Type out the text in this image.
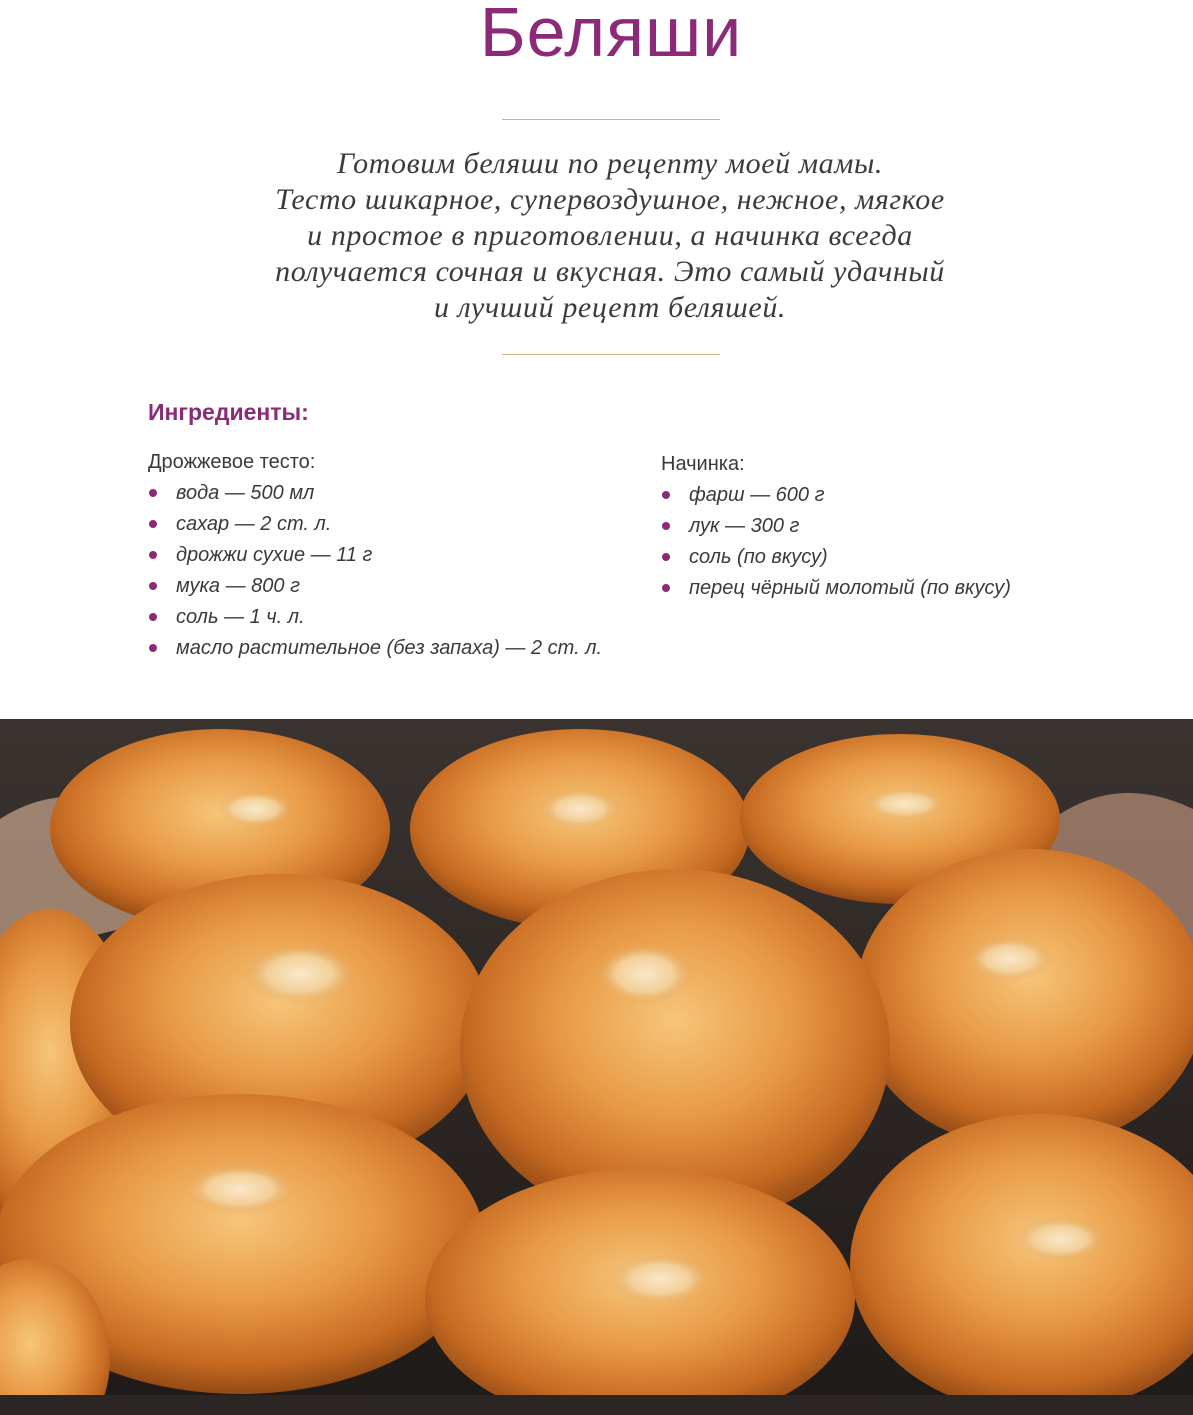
Беляши
Готовим беляши по рецепту моей мамы.
Тесто шикарное, супервоздушное, нежное, мягкое
и простое в приготовлении, а начинка всегда
получается сочная и вкусная. Это самый удачный
и лучший рецепт беляшей.
Ингредиенты:
Дрожжевое тесто:
вода — 500 мл
сахар — 2 ст. л.
дрожжи сухие — 11 г
мука — 800 г
соль — 1 ч. л.
масло растительное (без запаха) — 2 ст. л.
Начинка:
фарш — 600 г
лук — 300 г
соль (по вкусу)
перец чёрный молотый (по вкусу)
